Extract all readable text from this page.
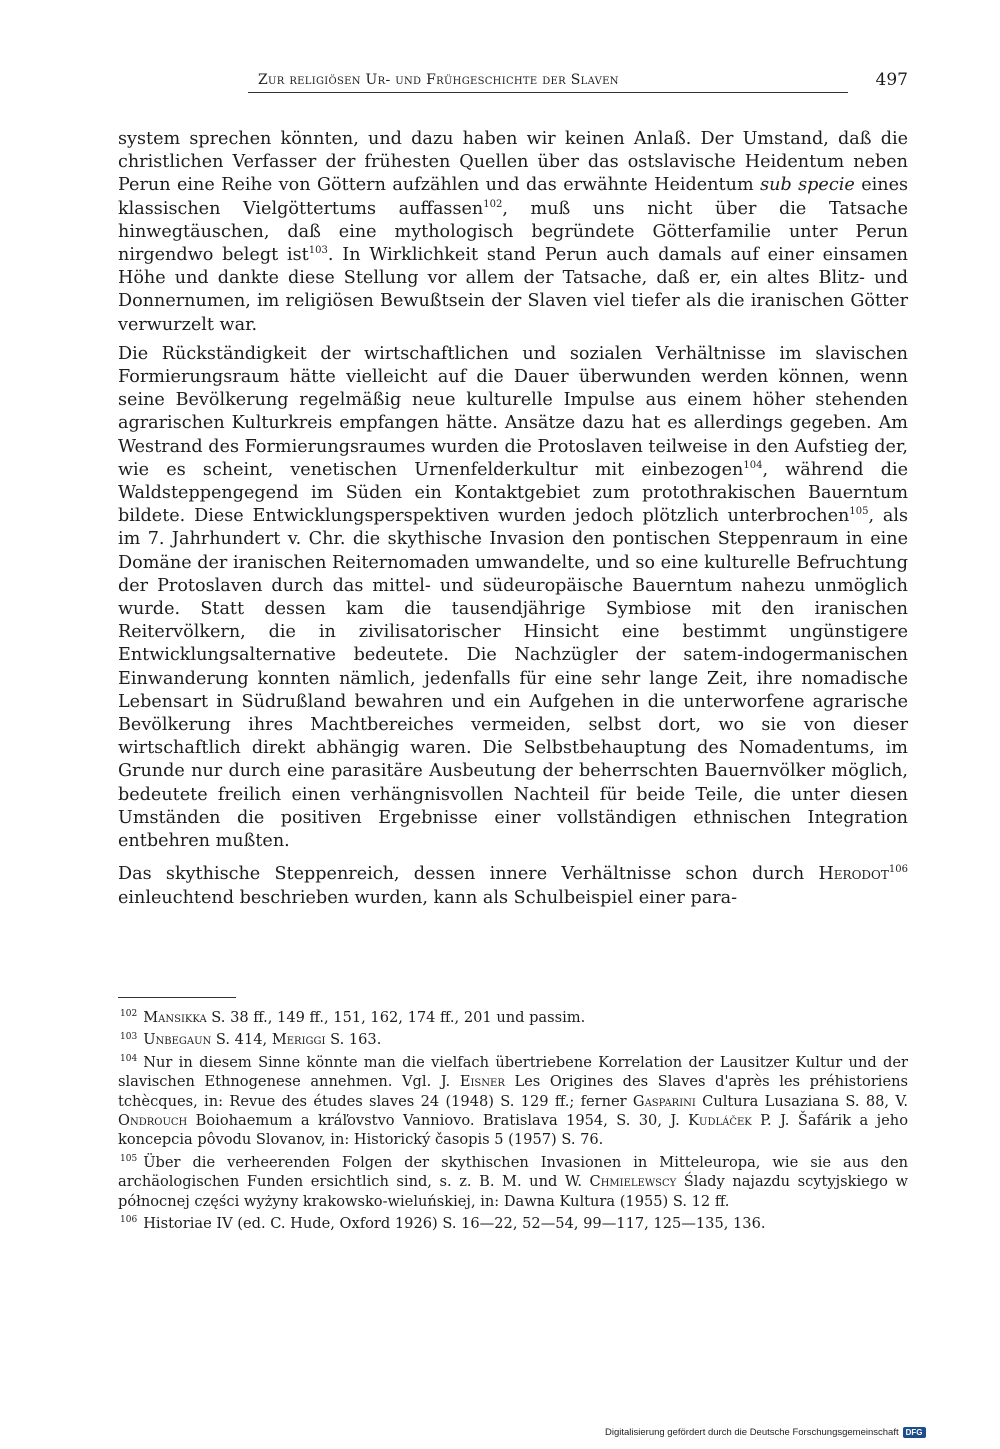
Zur religiösen Ur- und Frühgeschichte der Slaven	497

system sprechen könnten, und dazu haben wir keinen Anlaß. Der Umstand, daß die christlichen Verfasser der frühesten Quellen über das ostslavische Heidentum neben Perun eine Reihe von Göttern aufzählen und das erwähnte Heidentum sub specie eines klassischen Vielgöttertums auffassen$^{102}$, muß uns nicht über die Tatsache hinwegtäuschen, daß eine mythologisch begründete Götterfamilie unter Perun nirgendwo belegt ist$^{103}$. In Wirklichkeit stand Perun auch damals auf einer einsamen Höhe und dankte diese Stellung vor allem der Tatsache, daß er, ein altes Blitz- und Donnernumen, im religiösen Bewußtsein der Slaven viel tiefer als die iranischen Götter verwurzelt war.

Die Rückständigkeit der wirtschaftlichen und sozialen Verhältnisse im slavischen Formierungsraum hätte vielleicht auf die Dauer überwunden werden können, wenn seine Bevölkerung regelmäßig neue kulturelle Impulse aus einem höher stehenden agrarischen Kulturkreis empfangen hätte. Ansätze dazu hat es allerdings gegeben. Am Westrand des Formierungsraumes wurden die Protoslaven teilweise in den Aufstieg der, wie es scheint, venetischen Urnenfelderkultur mit einbezogen$^{104}$, während die Waldsteppengegend im Süden ein Kontaktgebiet zum protothrakischen Bauerntum bildete. Diese Entwicklungsperspektiven wurden jedoch plötzlich unterbrochen$^{105}$, als im 7. Jahrhundert v. Chr. die skythische Invasion den pontischen Steppenraum in eine Domäne der iranischen Reiternomaden umwandelte, und so eine kulturelle Befruchtung der Protoslaven durch das mittel- und südeuropäische Bauerntum nahezu unmöglich wurde. Statt dessen kam die tausendjährige Symbiose mit den iranischen Reitervölkern, die in zivilisatorischer Hinsicht eine bestimmt ungünstigere Entwicklungsalternative bedeutete. Die Nachzügler der satem-indogermanischen Einwanderung konnten nämlich, jedenfalls für eine sehr lange Zeit, ihre nomadische Lebensart in Südrußland bewahren und ein Aufgehen in die unterworfene agrarische Bevölkerung ihres Machtbereiches vermeiden, selbst dort, wo sie von dieser wirtschaftlich direkt abhängig waren. Die Selbstbehauptung des Nomadentums, im Grunde nur durch eine parasitäre Ausbeutung der beherrschten Bauernvölker möglich, bedeutete freilich einen verhängnisvollen Nachteil für beide Teile, die unter diesen Umständen die positiven Ergebnisse einer vollständigen ethnischen Integration entbehren mußten.

Das skythische Steppenreich, dessen innere Verhältnisse schon durch Herodot$^{106}$ einleuchtend beschrieben wurden, kann als Schulbeispiel einer para-

$^{102}$ Mansikka S. 38 ff., 149 ff., 151, 162, 174 ff., 201 und passim.

$^{103}$ Unbegaun S. 414, Meriggi S. 163.

$^{104}$ Nur in diesem Sinne könnte man die vielfach übertriebene Korrelation der Lausitzer Kultur und der slavischen Ethnogenese annehmen. Vgl. J. Eisner Les Origines des Slaves d'après les préhistoriens tchècques, in: Revue des études slaves 24 (1948) S. 129 ff.; ferner Gasparini Cultura Lusaziana S. 88, V. Ondrouch Boiohaemum a kráľovstvo Vanniovo. Bratislava 1954, S. 30, J. Kudláček P. J. Šafárik a jeho koncepcia pôvodu Slovanov, in: Historický časopis 5 (1957) S. 76.

$^{105}$ Über die verheerenden Folgen der skythischen Invasionen in Mitteleuropa, wie sie aus den archäologischen Funden ersichtlich sind, s. z. B. M. und W. Chmielewscy Ślady najazdu scytyjskiego w północnej części wyżyny krakowsko-wieluńskiej, in: Dawna Kultura (1955) S. 12 ff.

$^{106}$ Historiae IV (ed. C. Hude, Oxford 1926) S. 16—22, 52—54, 99—117, 125—135, 136.

Digitalisierung gefördert durch die Deutsche Forschungsgemeinschaft DFG
